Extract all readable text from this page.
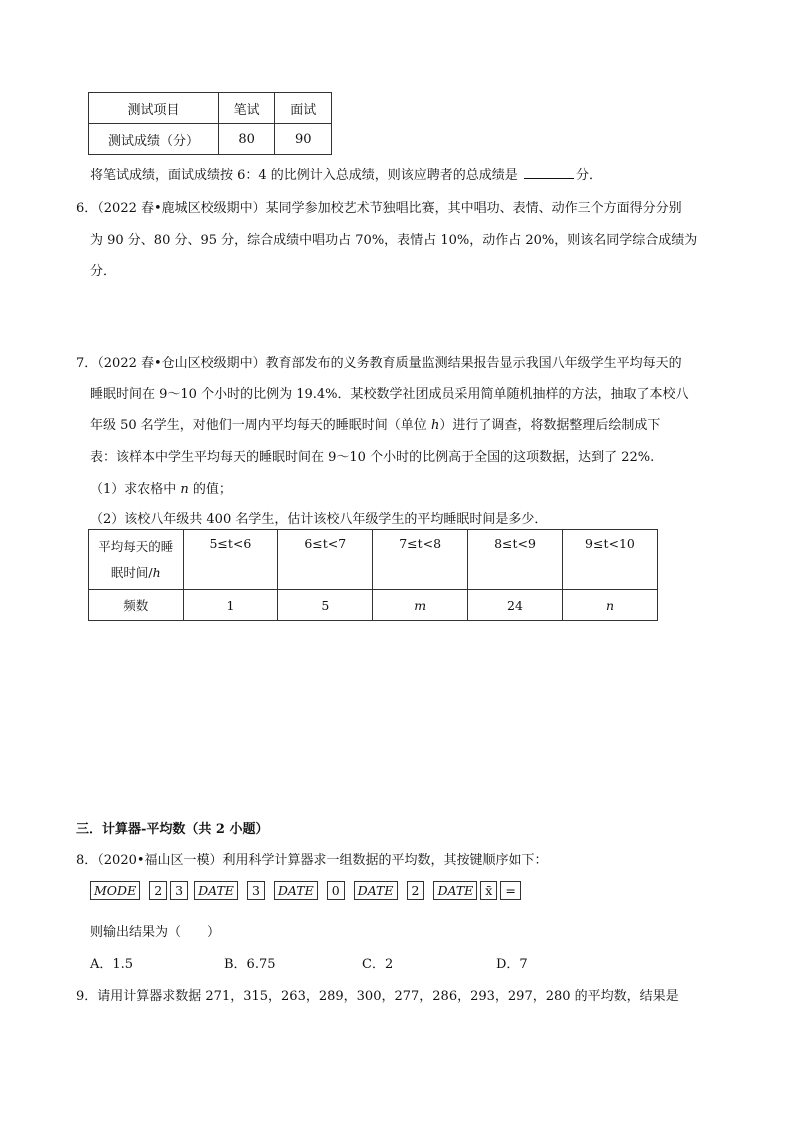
测试项目	笔试	面试
测试成绩（分）	80	90
将笔试成绩，面试成绩按 6：4 的比例计入总成绩，则该应聘者的总成绩是	分．
6．（2022 春•鹿城区校级期中）某同学参加校艺术节独唱比赛，其中唱功、表情、动作三个方面得分分别
为 90 分、80 分、95 分，综合成绩中唱功占 70%，表情占 10%，动作占 20%，则该名同学综合成绩为
分．
7．（2022 春•仓山区校级期中）教育部发布的义务教育质量监测结果报告显示我国八年级学生平均每天的
睡眠时间在 9～10 个小时的比例为 19.4%．某校数学社团成员采用简单随机抽样的方法，抽取了本校八
年级 50 名学生，对他们一周内平均每天的睡眠时间（单位 h）进行了调查，将数据整理后绘制成下
表：该样本中学生平均每天的睡眠时间在 9～10 个小时的比例高于全国的这项数据，达到了 22%.
（1）求农格中 n 的值；
（2）该校八年级共 400 名学生，估计该校八年级学生的平均睡眠时间是多少．
平均每天的睡
眠时间/h	5≤t<6	6≤t<7	7≤t<8	8≤t<9	9≤t<10
频数	1	5	m	24	n
三．计算器-平均数（共 2 小题）
8．（2020•福山区一模）利用科学计算器求一组数据的平均数，其按键顺序如下：
MODE	2	3	DATE	3	DATE	0	DATE	2	DATE x̄	=
则输出结果为（　　）
A．1.5	B．6.75	C．2	D．7
9．请用计算器求数据 271，315，263，289，300，277，286，293，297，280 的平均数，结果是
